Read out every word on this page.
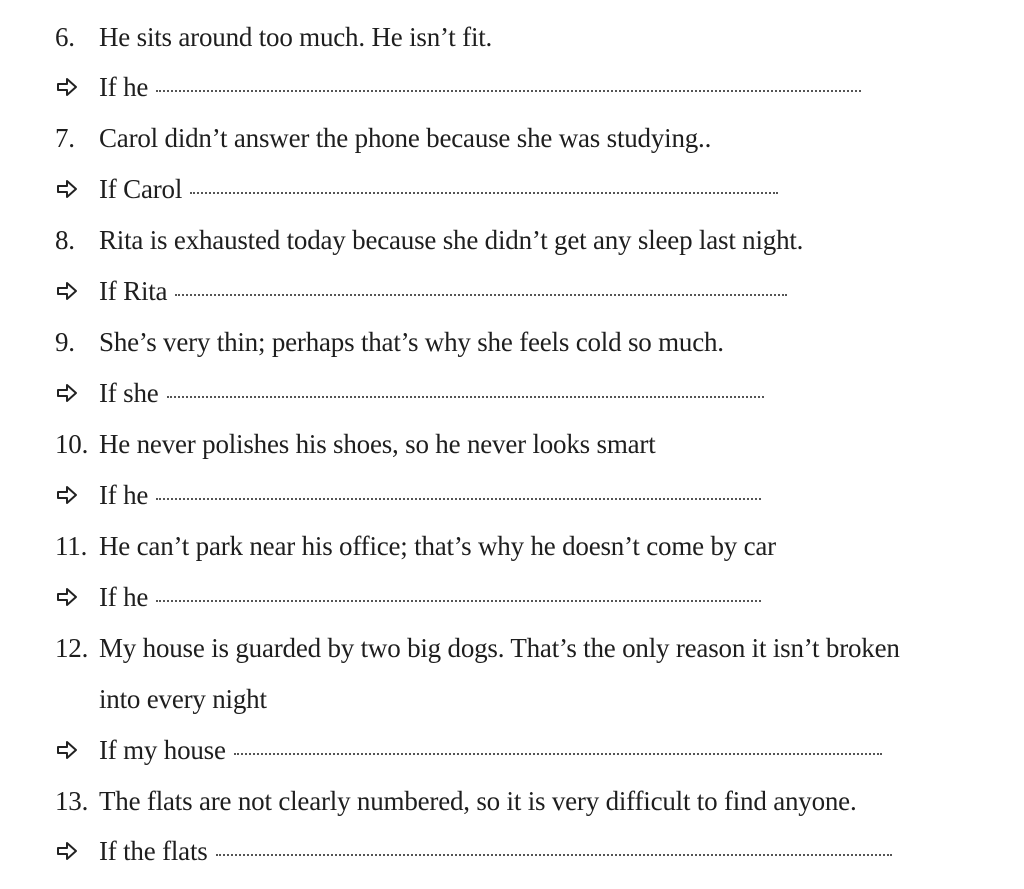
6. He sits around too much. He isn’t fit.
If he
7. Carol didn’t answer the phone because she was studying..
If Carol
8. Rita is exhausted today because she didn’t get any sleep last night.
If Rita
9. She’s very thin; perhaps that’s why she feels cold so much.
If she
10. He never polishes his shoes, so he never looks smart
If he
11. He can’t park near his office; that’s why he doesn’t come by car
If he
12. My house is guarded by two big dogs. That’s the only reason it isn’t broken
into every night
If my house
13. The flats are not clearly numbered, so it is very difficult to find anyone.
If the flats
